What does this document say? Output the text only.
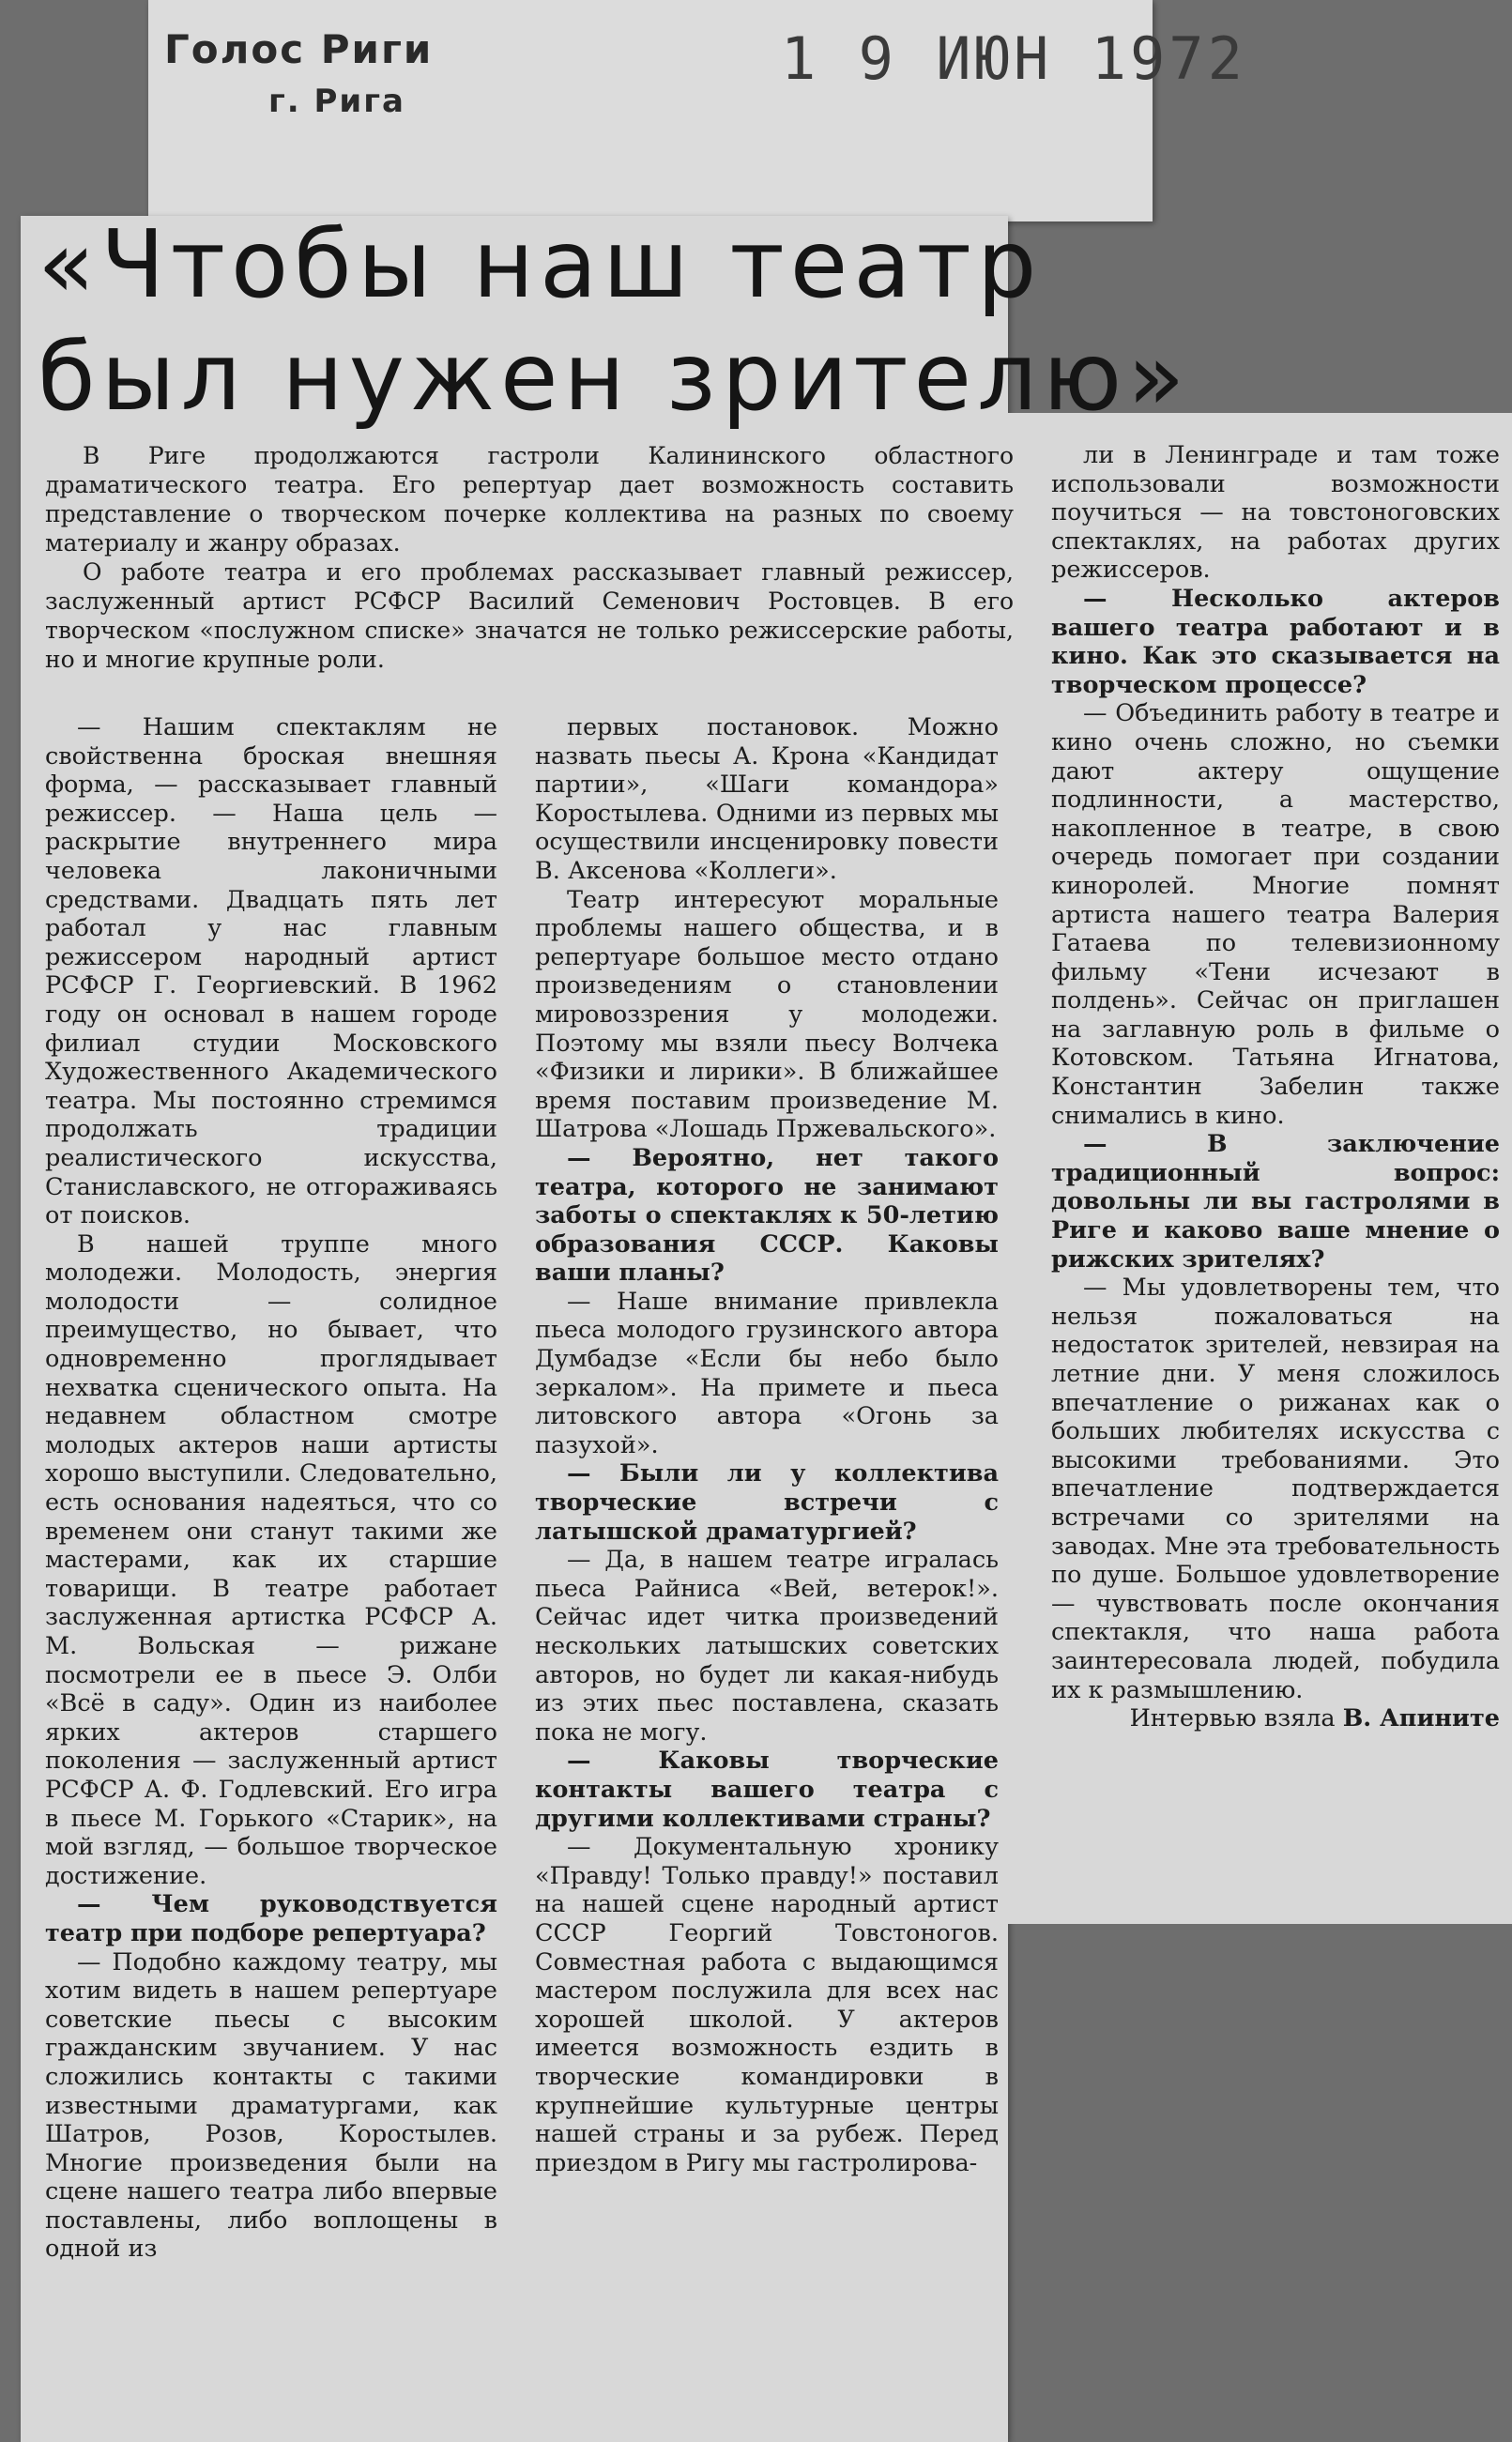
Голос Риги
г. Рига
1 9 ИЮН 1972
«Чтобы наш театр
был нужен зрителю»

В Риге продолжаются гастроли Калининского областного драматического театра. Его репертуар дает возможность составить представление о творческом почерке коллектива на разных по своему материалу и жанру образах.

О работе театра и его проблемах рассказывает главный режиссер, заслуженный артист РСФСР Василий Семенович Ростовцев. В его творческом «послужном списке» значатся не только режиссерские работы, но и многие крупные роли.

— Нашим спектаклям не свойственна броская внешняя форма, — рассказывает главный режиссер. — Наша цель — раскрытие внутреннего мира человека лаконичными средствами. Двадцать пять лет работал у нас главным режиссером народный артист РСФСР Г. Георгиевский. В 1962 году он основал в нашем городе филиал студии Московского Художественного Академического театра. Мы постоянно стремимся продолжать традиции реалистического искусства, Станиславского, не отгораживаясь от поисков.

В нашей труппе много молодежи. Молодость, энергия молодости — солидное преимущество, но бывает, что одновременно проглядывает нехватка сценического опыта. На недавнем областном смотре молодых актеров наши артисты хорошо выступили. Следовательно, есть основания надеяться, что со временем они станут такими же мастерами, как их старшие товарищи. В театре работает заслуженная артистка РСФСР А. М. Вольская — рижане посмотрели ее в пьесе Э. Олби «Всё в саду». Один из наиболее ярких актеров старшего поколения — заслуженный артист РСФСР А. Ф. Годлевский. Его игра в пьесе М. Горького «Старик», на мой взгляд, — большое творческое достижение.

— Чем руководствуется театр при подборе репертуара?

— Подобно каждому театру, мы хотим видеть в нашем репертуаре советские пьесы с высоким гражданским звучанием. У нас сложились контакты с такими известными драматургами, как Шатров, Розов, Коростылев. Многие произведения были на сцене нашего театра либо впервые поставлены, либо воплощены в одной из

первых постановок. Можно назвать пьесы А. Крона «Кандидат партии», «Шаги командора» Коростылева. Одними из первых мы осуществили инсценировку повести В. Аксенова «Коллеги».

Театр интересуют моральные проблемы нашего общества, и в репертуаре большое место отдано произведениям о становлении мировоззрения у молодежи. Поэтому мы взяли пьесу Волчека «Физики и лирики». В ближайшее время поставим произведение М. Шатрова «Лошадь Пржевальского».

— Вероятно, нет такого театра, которого не занимают заботы о спектаклях к 50-летию образования СССР. Каковы ваши планы?

— Наше внимание привлекла пьеса молодого грузинского автора Думбадзе «Если бы небо было зеркалом». На примете и пьеса литовского автора «Огонь за пазухой».

— Были ли у коллектива творческие встречи с латышской драматургией?

— Да, в нашем театре игралась пьеса Райниса «Вей, ветерок!». Сейчас идет читка произведений нескольких латышских советских авторов, но будет ли какая-нибудь из этих пьес поставлена, сказать пока не могу.

— Каковы творческие контакты вашего театра с другими коллективами страны?

— Документальную хронику «Правду! Только правду!» поставил на нашей сцене народный артист СССР Георгий Товстоногов. Совместная работа с выдающимся мастером послужила для всех нас хорошей школой. У актеров имеется возможность ездить в творческие командировки в крупнейшие культурные центры нашей страны и за рубеж. Перед приездом в Ригу мы гастролирова-

ли в Ленинграде и там тоже использовали возможности поучиться — на товстоноговских спектаклях, на работах других режиссеров.

— Несколько актеров вашего театра работают и в кино. Как это сказывается на творческом процессе?

— Объединить работу в театре и кино очень сложно, но съемки дают актеру ощущение подлинности, а мастерство, накопленное в театре, в свою очередь помогает при создании киноролей. Многие помнят артиста нашего театра Валерия Гатаева по телевизионному фильму «Тени исчезают в полдень». Сейчас он приглашен на заглавную роль в фильме о Котовском. Татьяна Игнатова, Константин Забелин также снимались в кино.

— В заключение традиционный вопрос: довольны ли вы гастролями в Риге и каково ваше мнение о рижских зрителях?

— Мы удовлетворены тем, что нельзя пожаловаться на недостаток зрителей, невзирая на летние дни. У меня сложилось впечатление о рижанах как о больших любителях искусства с высокими требованиями. Это впечатление подтверждается встречами со зрителями на заводах. Мне эта требовательность по душе. Большое удовлетворение — чувствовать после окончания спектакля, что наша работа заинтересовала людей, побудила их к размышлению.

Интервью взяла В. Апините
